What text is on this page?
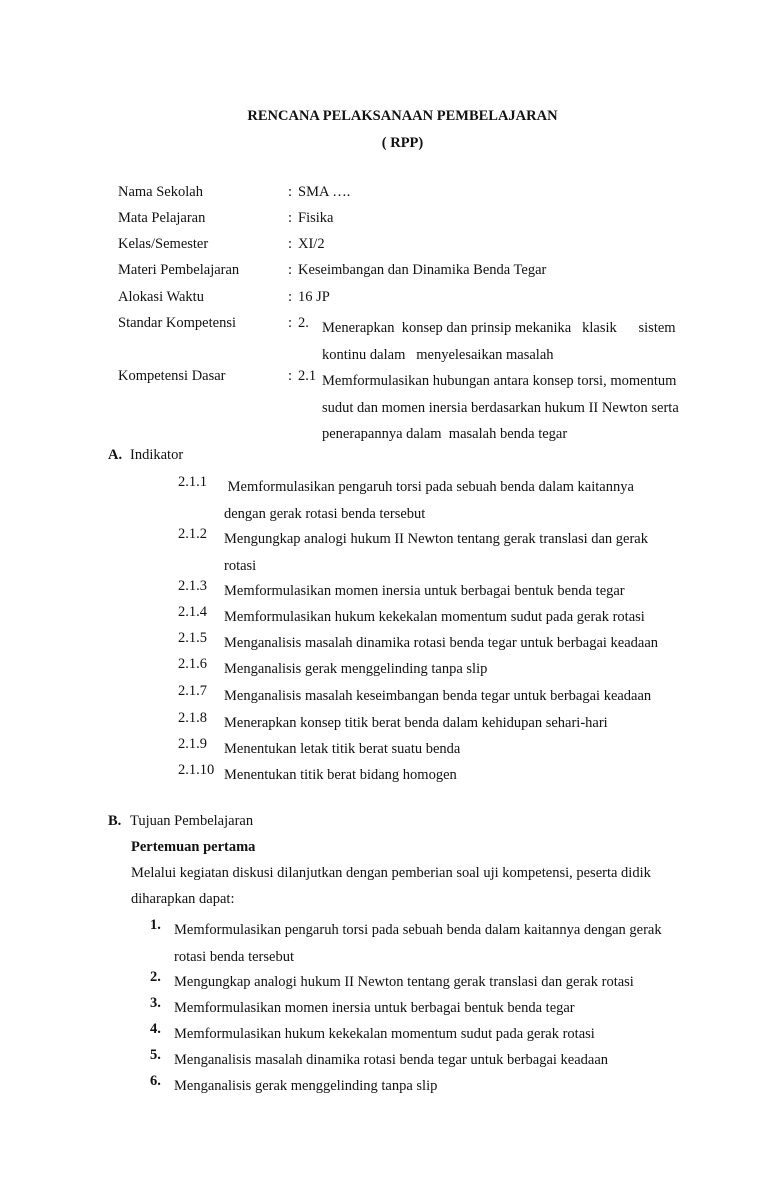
RENCANA PELAKSANAAN PEMBELAJARAN
( RPP)
Nama Sekolah	: SMA ….
Mata Pelajaran	: Fisika
Kelas/Semester	: XI/2
Materi Pembelajaran	: Keseimbangan dan Dinamika Benda Tegar
Alokasi Waktu	: 16 JP
Standar Kompetensi	: 2. Menerapkan  konsep dan prinsip mekanika   klasik      sistem
kontinu dalam   menyelesaikan masalah
Kompetensi Dasar	: 2.1 Memformulasikan hubungan antara konsep torsi, momentum
sudut dan momen inersia berdasarkan hukum II Newton serta
penerapannya dalam  masalah benda tegar
A. Indikator
2.1.1 Memformulasikan pengaruh torsi pada sebuah benda dalam kaitannya
dengan gerak rotasi benda tersebut
2.1.2 Mengungkap analogi hukum II Newton tentang gerak translasi dan gerak
rotasi
2.1.3 Memformulasikan momen inersia untuk berbagai bentuk benda tegar
2.1.4 Memformulasikan hukum kekekalan momentum sudut pada gerak rotasi
2.1.5 Menganalisis masalah dinamika rotasi benda tegar untuk berbagai keadaan
2.1.6 Menganalisis gerak menggelinding tanpa slip
2.1.7 Menganalisis masalah keseimbangan benda tegar untuk berbagai keadaan
2.1.8 Menerapkan konsep titik berat benda dalam kehidupan sehari-hari
2.1.9 Menentukan letak titik berat suatu benda
2.1.10 Menentukan titik berat bidang homogen
B. Tujuan Pembelajaran
Pertemuan pertama
Melalui kegiatan diskusi dilanjutkan dengan pemberian soal uji kompetensi, peserta didik
diharapkan dapat:
1. Memformulasikan pengaruh torsi pada sebuah benda dalam kaitannya dengan gerak
rotasi benda tersebut
2. Mengungkap analogi hukum II Newton tentang gerak translasi dan gerak rotasi
3. Memformulasikan momen inersia untuk berbagai bentuk benda tegar
4. Memformulasikan hukum kekekalan momentum sudut pada gerak rotasi
5. Menganalisis masalah dinamika rotasi benda tegar untuk berbagai keadaan
6. Menganalisis gerak menggelinding tanpa slip
